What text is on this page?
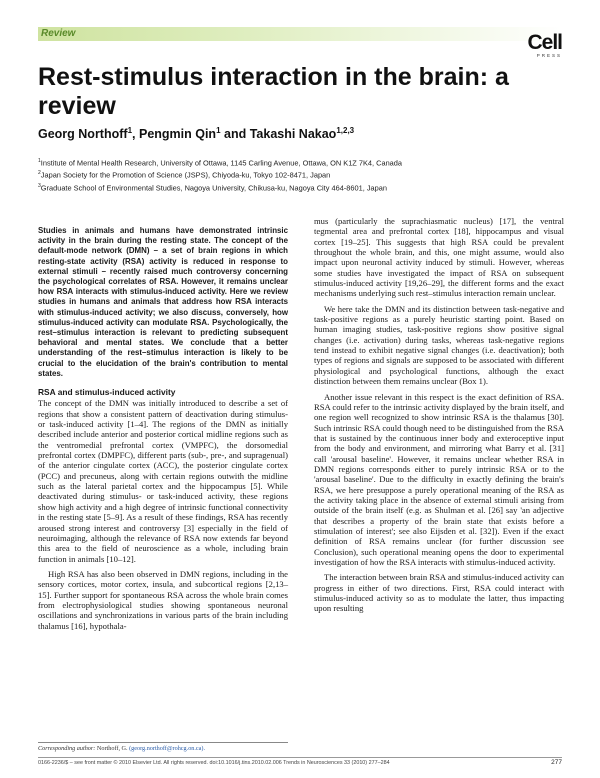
Review	Cell
PRESS
Rest-stimulus interaction in the brain: a review
Georg Northoff$^1$, Pengmin Qin$^1$ and Takashi Nakao$^{1,2,3}$
$^1$Institute of Mental Health Research, University of Ottawa, 1145 Carling Avenue, Ottawa, ON K1Z 7K4, Canada
$^2$Japan Society for the Promotion of Science (JSPS), Chiyoda-ku, Tokyo 102-8471, Japan
$^3$Graduate School of Environmental Studies, Nagoya University, Chikusa-ku, Nagoya City 464-8601, Japan

Studies in animals and humans have demonstrated intrinsic activity in the brain during the resting state. The concept of the default-mode network (DMN) – a set of brain regions in which resting-state activity (RSA) activity is reduced in response to external stimuli – recently raised much controversy concerning the psychological correlates of RSA. However, it remains unclear how RSA interacts with stimulus-induced activity. Here we review studies in humans and animals that address how RSA interacts with stimulus-induced activity; we also discuss, conversely, how stimulus-induced activity can modulate RSA. Psychologically, the rest–stimulus interaction is relevant to predicting subsequent behavioral and mental states. We conclude that a better understanding of the rest–stimulus interaction is likely to be crucial to the elucidation of the brain's contribution to mental states.

RSA and stimulus-induced activity

The concept of the DMN was initially introduced to describe a set of regions that show a consistent pattern of deactivation during stimulus- or task-induced activity [1–4]. The regions of the DMN as initially described include anterior and posterior cortical midline regions such as the ventromedial prefrontal cortex (VMPFC), the dorsomedial prefrontal cortex (DMPFC), different parts (sub-, pre-, and supragenual) of the anterior cingulate cortex (ACC), the posterior cingulate cortex (PCC) and precuneus, along with certain regions outwith the midline such as the lateral parietal cortex and the hippocampus [5]. While deactivated during stimulus- or task-induced activity, these regions show high activity and a high degree of intrinsic functional connectivity in the resting state [5–9]. As a result of these findings, RSA has recently aroused strong interest and controversy [3] especially in the field of neuroimaging, although the relevance of RSA now extends far beyond this area to the field of neuroscience as a whole, including brain function in animals [10–12].

High RSA has also been observed in DMN regions, including in the sensory cortices, motor cortex, insula, and subcortical regions [2,13–15]. Further support for spontaneous RSA across the whole brain comes from electrophysiological studies showing spontaneous neuronal oscillations and synchronizations in various parts of the brain including thalamus [16], hypothala-

mus (particularly the suprachiasmatic nucleus) [17], the ventral tegmental area and prefrontal cortex [18], hippocampus and visual cortex [19–25]. This suggests that high RSA could be prevalent throughout the whole brain, and this, one might assume, would also impact upon neuronal activity induced by stimuli. However, whereas some studies have investigated the impact of RSA on subsequent stimulus-induced activity [19,26–29], the different forms and the exact mechanisms underlying such rest–stimulus interaction remain unclear.

We here take the DMN and its distinction between task-negative and task-positive regions as a purely heuristic starting point. Based on human imaging studies, task-positive regions show positive signal changes (i.e. activation) during tasks, whereas task-negative regions tend instead to exhibit negative signal changes (i.e. deactivation); both types of regions and signals are supposed to be associated with different physiological and psychological functions, although the exact distinction between them remains unclear (Box 1).

Another issue relevant in this respect is the exact definition of RSA. RSA could refer to the intrinsic activity displayed by the brain itself, and one region well recognized to show intrinsic RSA is the thalamus [30]. Such intrinsic RSA could though need to be distinguished from the RSA that is sustained by the continuous inner body and exteroceptive input from the body and environment, and mirroring what Barry et al. [31] call 'arousal baseline'. However, it remains unclear whether RSA in DMN regions corresponds either to purely intrinsic RSA or to the 'arousal baseline'. Due to the difficulty in exactly defining the brain's RSA, we here presuppose a purely operational meaning of the RSA as the activity taking place in the absence of external stimuli arising from outside of the brain itself (e.g. as Shulman et al. [26] say 'an adjective that describes a property of the brain state that exists before a stimulation of interest'; see also Eijsden et al. [32]). Even if the exact definition of RSA remains unclear (for further discussion see Conclusion), such operational meaning opens the door to experimental investigation of how the RSA interacts with stimulus-induced activity.

The interaction between brain RSA and stimulus-induced activity can progress in either of two directions. First, RSA could interact with stimulus-induced activity so as to modulate the latter, thus impacting upon resulting

Corresponding author: Northoff, G. (georg.northoff@rohcg.on.ca).
0166-2236/$ – see front matter © 2010 Elsevier Ltd. All rights reserved. doi:10.1016/j.tins.2010.02.006 Trends in Neurosciences 33 (2010) 277–284	277
